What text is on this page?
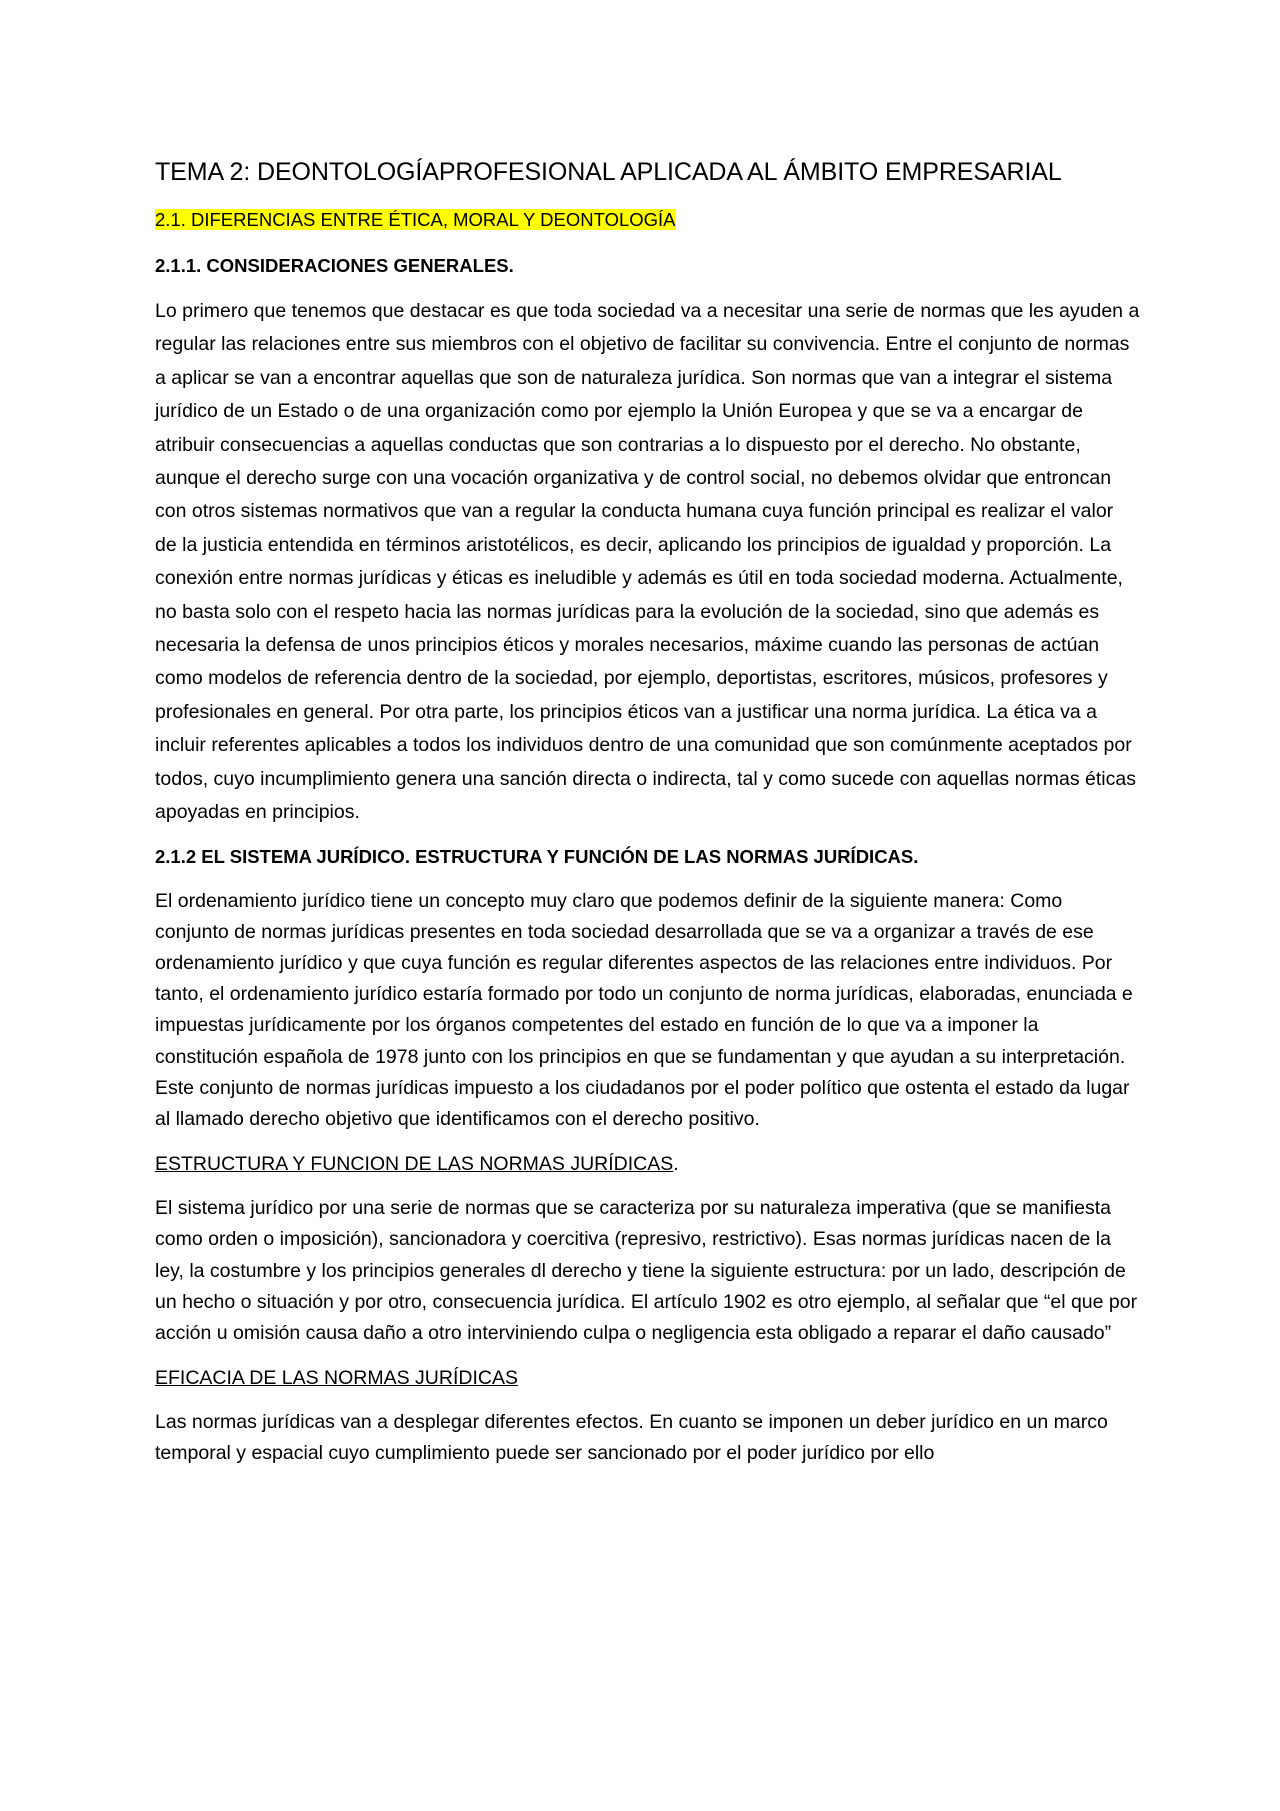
TEMA 2: DEONTOLOGÍAPROFESIONAL APLICADA AL ÁMBITO EMPRESARIAL
2.1. DIFERENCIAS ENTRE ÉTICA, MORAL Y DEONTOLOGÍA
2.1.1. CONSIDERACIONES GENERALES.

Lo primero que tenemos que destacar es que toda sociedad va a necesitar una serie de normas que les ayuden a regular las relaciones entre sus miembros con el objetivo de facilitar su convivencia. Entre el conjunto de normas a aplicar se van a encontrar aquellas que son de naturaleza jurídica. Son normas que van a integrar el sistema jurídico de un Estado o de una organización como por ejemplo la Unión Europea y que se va a encargar de atribuir consecuencias a aquellas conductas que son contrarias a lo dispuesto por el derecho. No obstante, aunque el derecho surge con una vocación organizativa y de control social, no debemos olvidar que entroncan con otros sistemas normativos que van a regular la conducta humana cuya función principal es realizar el valor de la justicia entendida en términos aristotélicos, es decir, aplicando los principios de igualdad y proporción. La conexión entre normas jurídicas y éticas es ineludible y además es útil en toda sociedad moderna. Actualmente, no basta solo con el respeto hacia las normas jurídicas para la evolución de la sociedad, sino que además es necesaria la defensa de unos principios éticos y morales necesarios, máxime cuando las personas de actúan como modelos de referencia dentro de la sociedad, por ejemplo, deportistas, escritores, músicos, profesores y profesionales en general. Por otra parte, los principios éticos van a justificar una norma jurídica. La ética va a incluir referentes aplicables a todos los individuos dentro de una comunidad que son comúnmente aceptados por todos, cuyo incumplimiento genera una sanción directa o indirecta, tal y como sucede con aquellas normas éticas apoyadas en principios.

2.1.2 EL SISTEMA JURÍDICO. ESTRUCTURA Y FUNCIÓN DE LAS NORMAS JURÍDICAS.

El ordenamiento jurídico tiene un concepto muy claro que podemos definir de la siguiente manera: Como conjunto de normas jurídicas presentes en toda sociedad desarrollada que se va a organizar a través de ese ordenamiento jurídico y que cuya función es regular diferentes aspectos de las relaciones entre individuos. Por tanto, el ordenamiento jurídico estaría formado por todo un conjunto de norma jurídicas, elaboradas, enunciada e impuestas jurídicamente por los órganos competentes del estado en función de lo que va a imponer la constitución española de 1978 junto con los principios en que se fundamentan y que ayudan a su interpretación. Este conjunto de normas jurídicas impuesto a los ciudadanos por el poder político que ostenta el estado da lugar al llamado derecho objetivo que identificamos con el derecho positivo.

ESTRUCTURA Y FUNCION DE LAS NORMAS JURÍDICAS.

El sistema jurídico por una serie de normas que se caracteriza por su naturaleza imperativa (que se manifiesta como orden o imposición), sancionadora y coercitiva (represivo, restrictivo). Esas normas jurídicas nacen de la ley, la costumbre y los principios generales dl derecho y tiene la siguiente estructura: por un lado, descripción de un hecho o situación y por otro, consecuencia jurídica. El artículo 1902 es otro ejemplo, al señalar que “el que por acción u omisión causa daño a otro interviniendo culpa o negligencia esta obligado a reparar el daño causado”

EFICACIA DE LAS NORMAS JURÍDICAS

Las normas jurídicas van a desplegar diferentes efectos. En cuanto se imponen un deber jurídico en un marco temporal y espacial cuyo cumplimiento puede ser sancionado por el poder jurídico por ello
